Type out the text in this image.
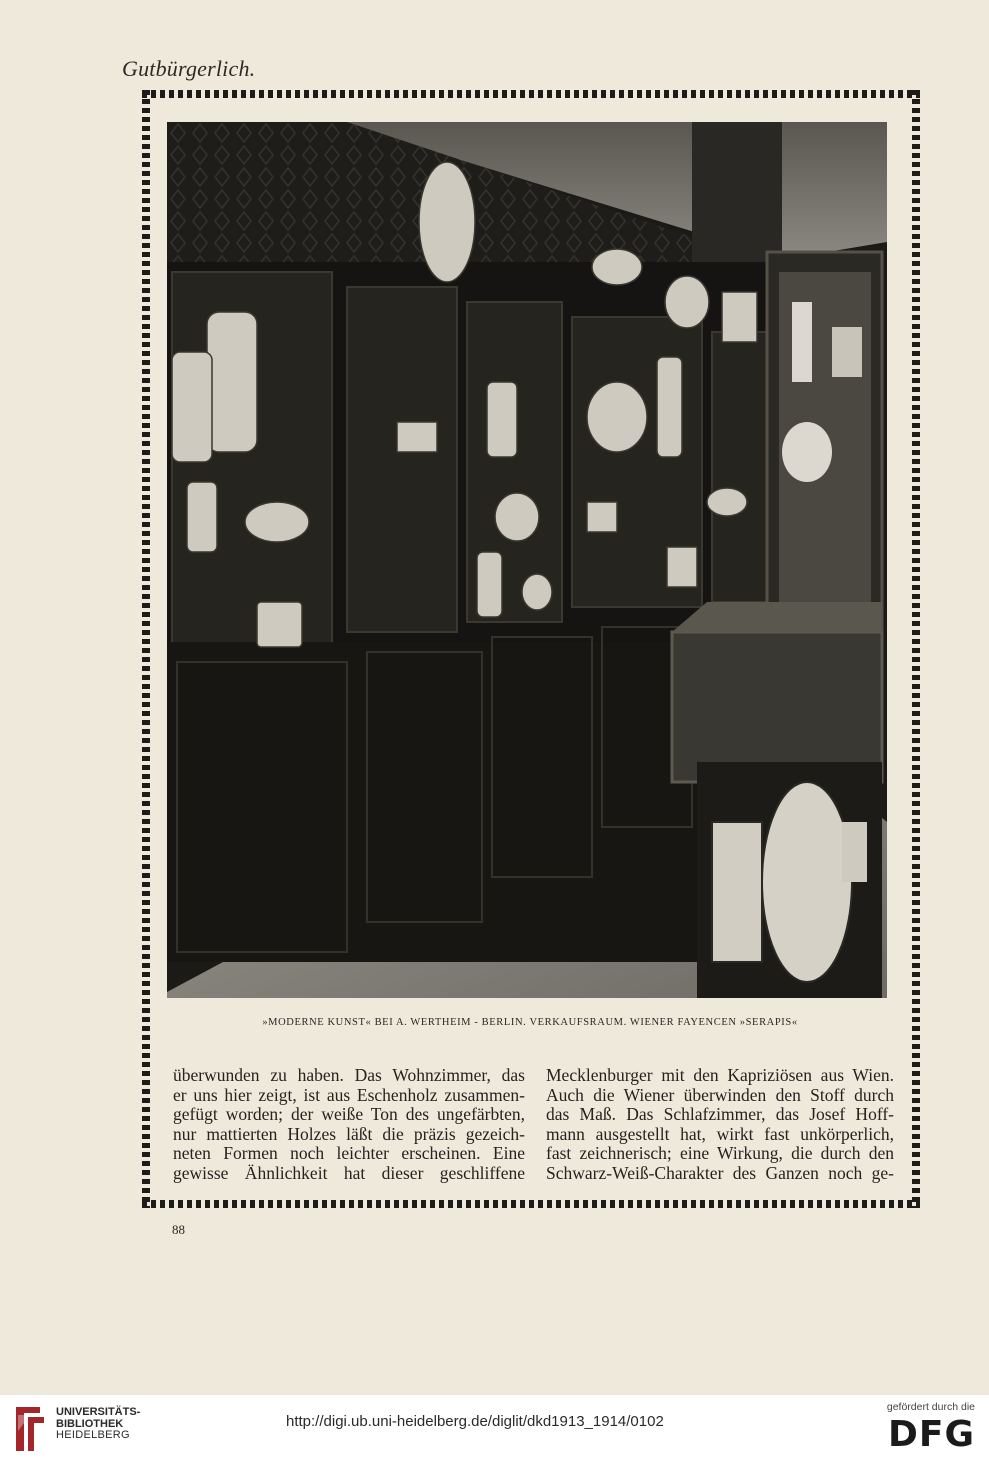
Gutbürgerlich.
»MODERNE KUNST« BEI A. WERTHEIM - BERLIN. VERKAUFSRAUM. WIENER FAYENCEN »SERAPIS«
überwunden zu haben. Das Wohnzimmer, das
er uns hier zeigt, ist aus Eschenholz zusammen-
gefügt worden; der weiße Ton des ungefärbten,
nur mattierten Holzes läßt die präzis gezeich-
neten Formen noch leichter erscheinen. Eine
gewisse Ähnlichkeit hat dieser geschliffene
Mecklenburger mit den Kapriziösen aus Wien.
Auch die Wiener überwinden den Stoff durch
das Maß. Das Schlafzimmer, das Josef Hoff-
mann ausgestellt hat, wirkt fast unkörperlich,
fast zeichnerisch; eine Wirkung, die durch den
Schwarz-Weiß-Charakter des Ganzen noch ge-
88
UNIVERSITÄTS-
BIBLIOTHEK
HEIDELBERG
http://digi.ub.uni-heidelberg.de/diglit/dkd1913_1914/0102
gefördert durch die
DFG
